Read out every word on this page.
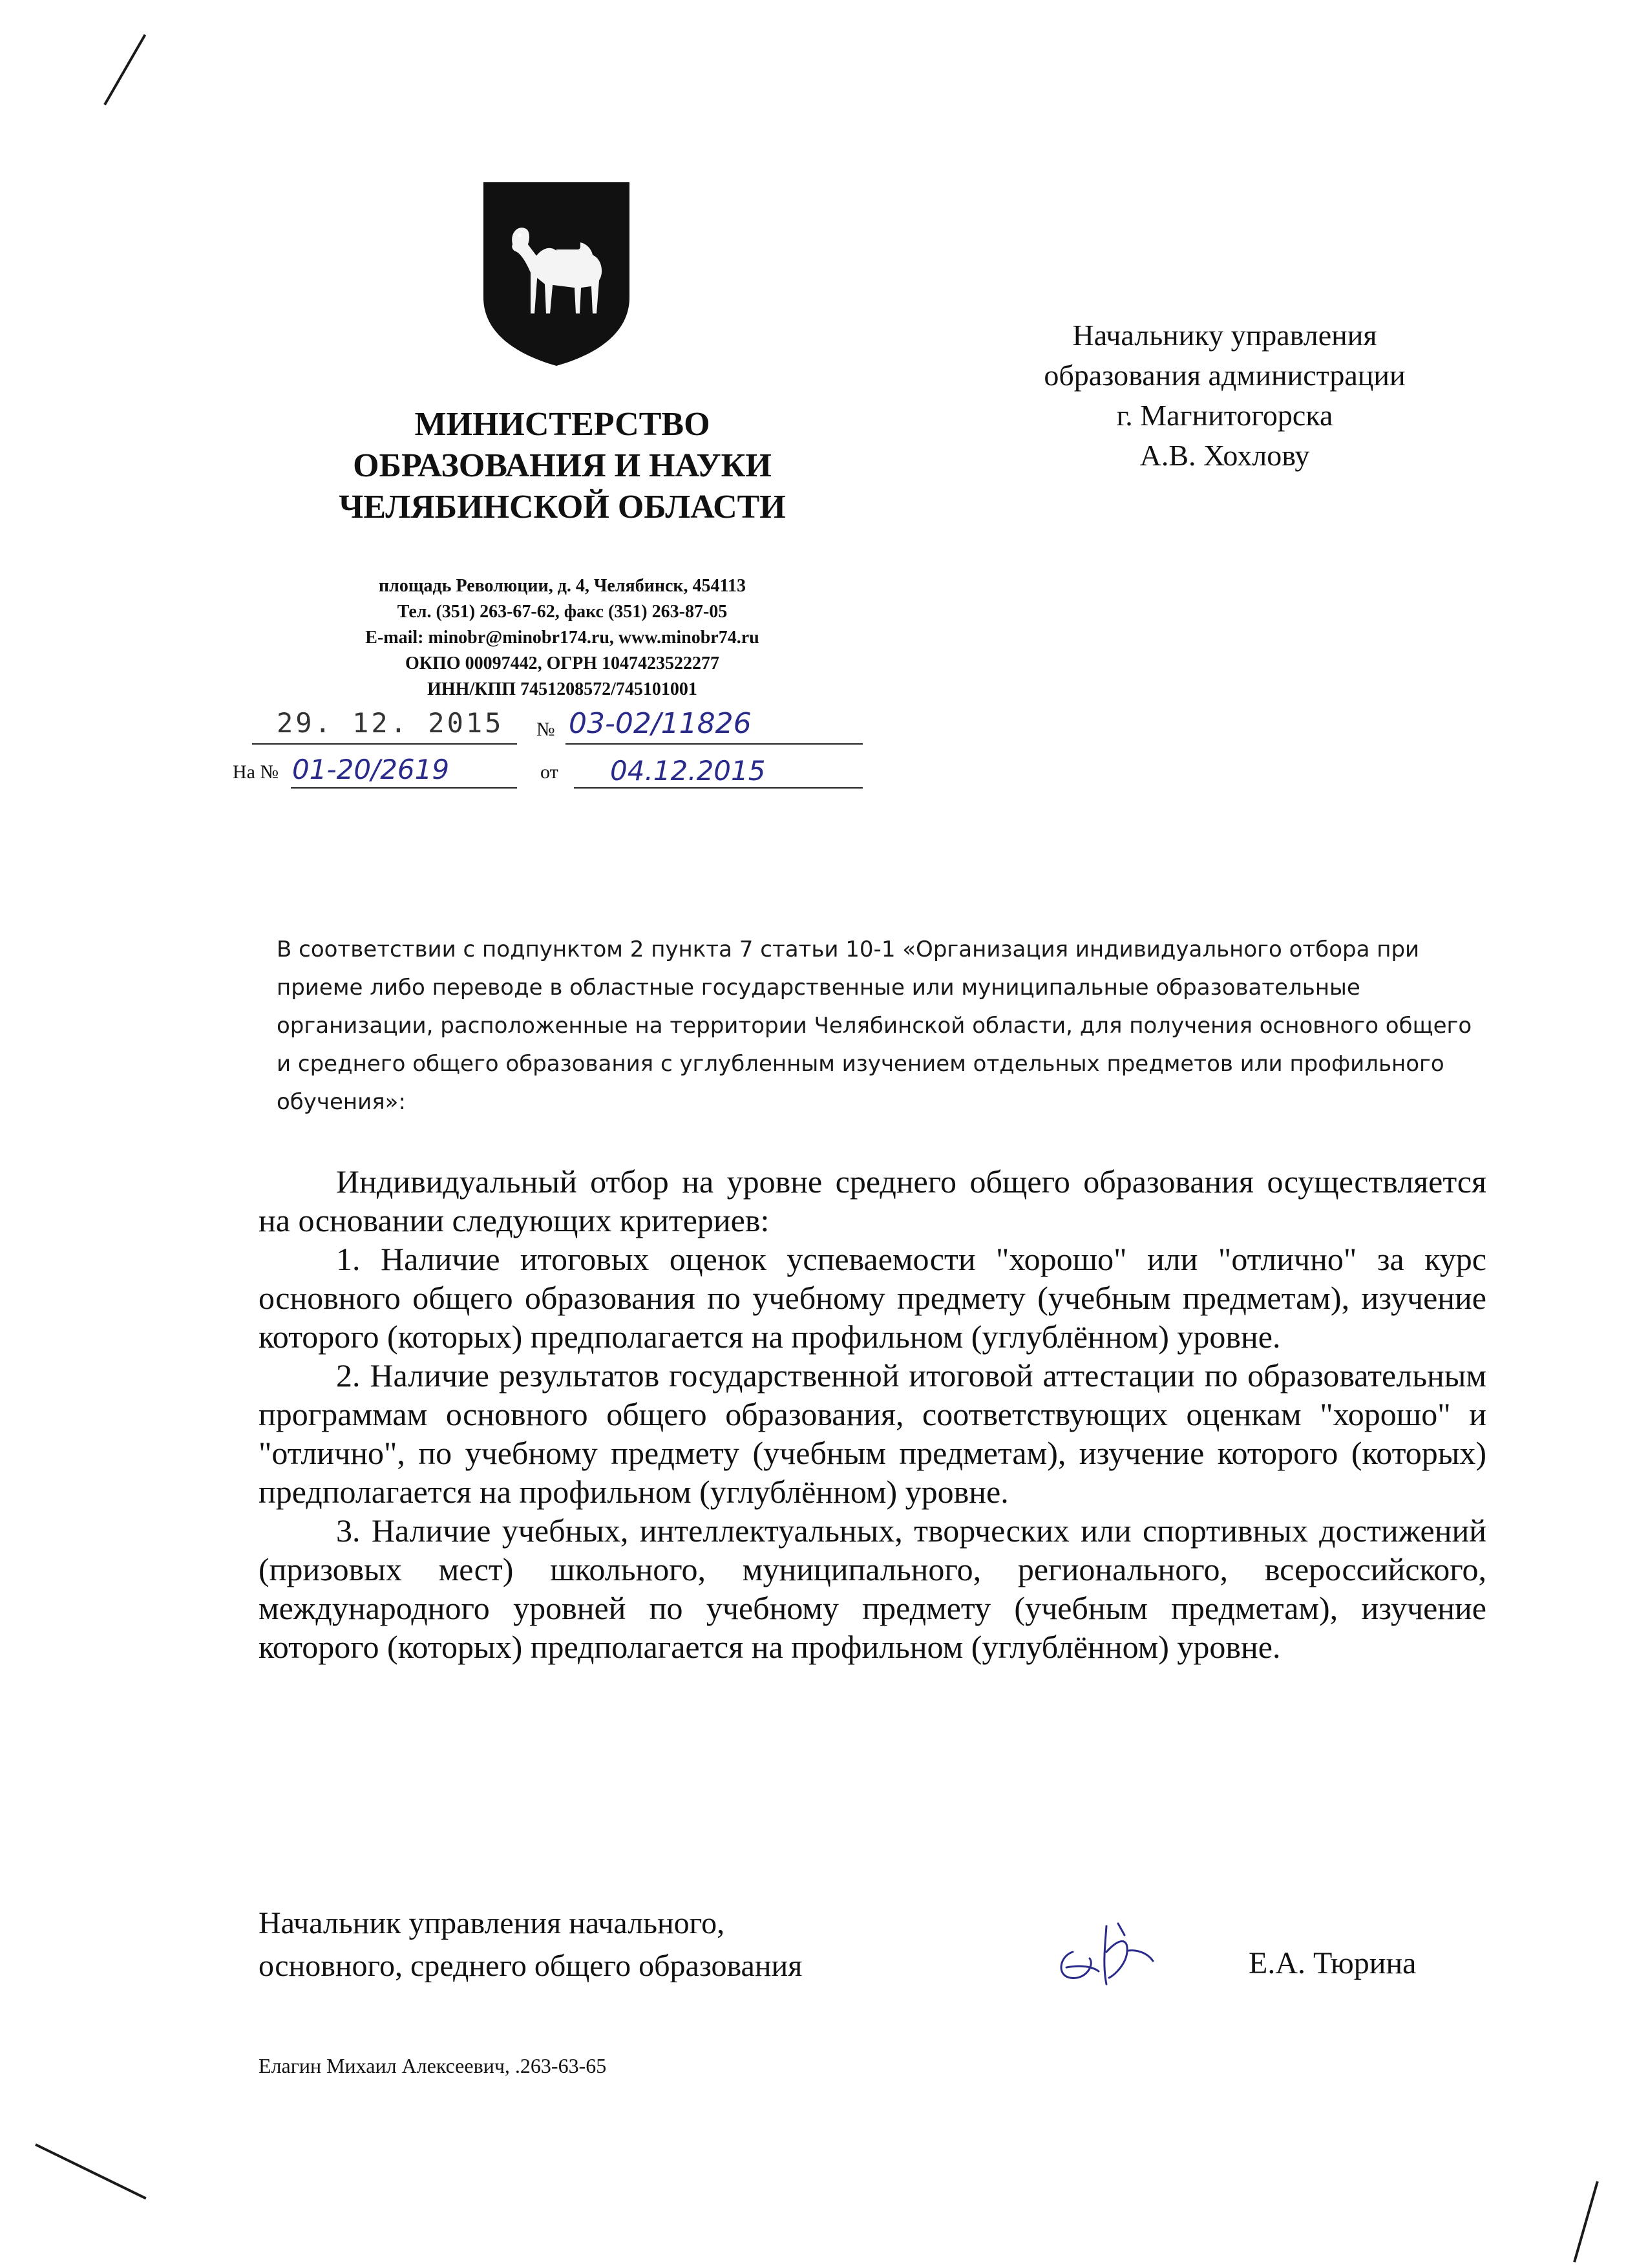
МИНИСТЕРСТВО
ОБРАЗОВАНИЯ И НАУКИ
ЧЕЛЯБИНСКОЙ ОБЛАСТИ
площадь Революции, д. 4, Челябинск, 454113
Тел. (351) 263-67-62, факс (351) 263-87-05
E-mail: minobr@minobr174.ru, www.minobr74.ru
ОКПО 00097442, ОГРН 1047423522277
ИНН/КПП 7451208572/745101001
29. 12. 2015 № 03-02/11826
На № 01-20/2619	от 04.12.2015
Начальнику управления
образования администрации
г. Магнитогорска
А.В. Хохлову
В соответствии с подпунктом 2 пункта 7 статьи 10-1 «Организация индивидуального отбора при приеме либо переводе в областные государственные или муниципальные образовательные организации, расположенные на территории Челябинской области, для получения основного общего и среднего общего образования с углубленным изучением отдельных предметов или профильного обучения»:

Индивидуальный отбор на уровне среднего общего образования осуществляется на основании следующих критериев:

1. Наличие итоговых оценок успеваемости "хорошо" или "отлично" за курс основного общего образования по учебному предмету (учебным предметам), изучение которого (которых) предполагается на профильном (углублённом) уровне.

2. Наличие результатов государственной итоговой аттестации по образовательным программам основного общего образования, соответствующих оценкам "хорошо" и "отлично", по учебному предмету (учебным предметам), изучение которого (которых) предполагается на профильном (углублённом) уровне.

3. Наличие учебных, интеллектуальных, творческих или спортивных достижений (призовых мест) школьного, муниципального, регионального, всероссийского, международного уровней по учебному предмету (учебным предметам), изучение которого (которых) предполагается на профильном (углублённом) уровне.

Начальник управления начального,
основного, среднего общего образования	Е.А. Тюрина
Елагин Михаил Алексеевич, .263-63-65
